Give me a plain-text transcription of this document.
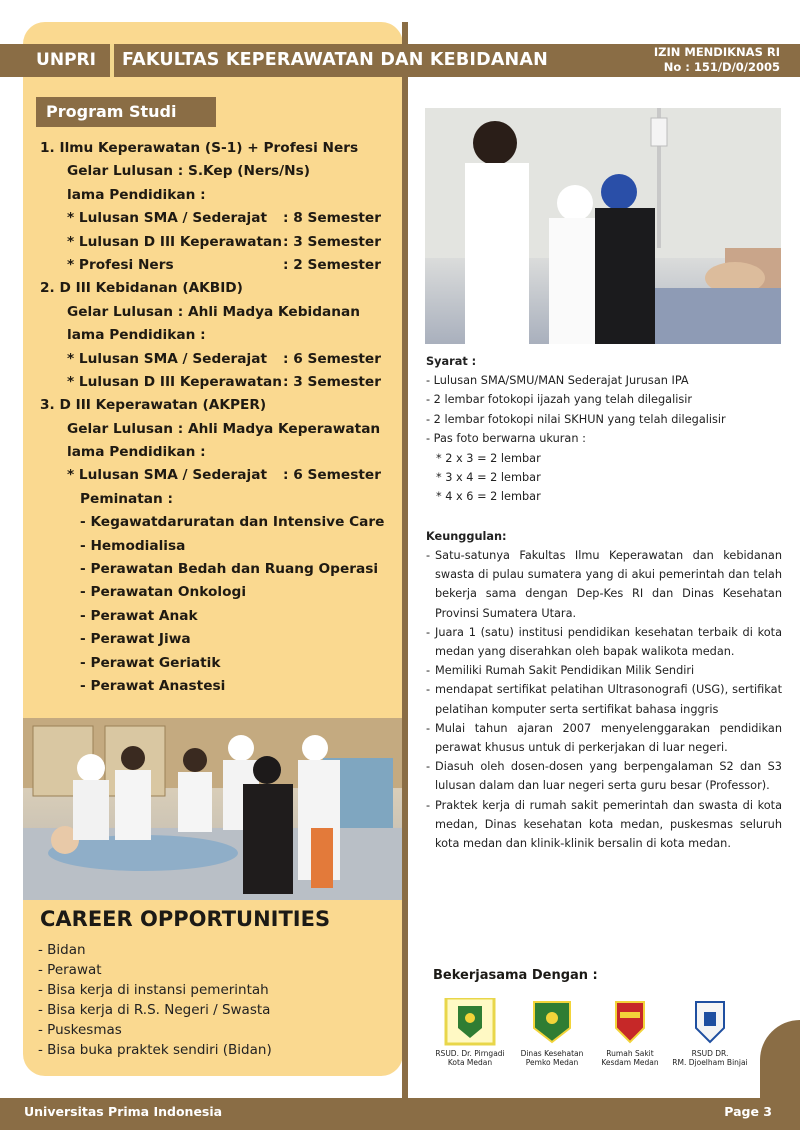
UNPRI	FAKULTAS KEPERAWATAN DAN KEBIDANAN	IZIN MENDIKNAS RI
No : 151/D/0/2005
Program Studi
1. Ilmu Keperawatan (S-1) + Profesi Ners
Gelar Lulusan : S.Kep (Ners/Ns)
lama Pendidikan :
* Lulusan SMA / Sederajat : 8 Semester
* Lulusan D III Keperawatan : 3 Semester
* Profesi Ners	: 2 Semester
2. D III Kebidanan (AKBID)
Gelar Lulusan : Ahli Madya Kebidanan
lama Pendidikan :
* Lulusan SMA / Sederajat : 6 Semester
* Lulusan D III Keperawatan : 3 Semester
3. D III Keperawatan (AKPER)
Gelar Lulusan : Ahli Madya Keperawatan
lama Pendidikan :
* Lulusan SMA / Sederajat : 6 Semester
Peminatan :
- Kegawatdaruratan dan Intensive Care
- Hemodialisa
- Perawatan Bedah dan Ruang Operasi
- Perawatan Onkologi
- Perawat Anak
- Perawat Jiwa
- Perawat Geriatik
- Perawat Anastesi
CAREER OPPORTUNITIES
- Bidan
- Perawat
- Bisa kerja di instansi pemerintah
- Bisa kerja di R.S. Negeri / Swasta
- Puskesmas
- Bisa buka praktek sendiri (Bidan)
Syarat :
- Lulusan SMA/SMU/MAN Sederajat Jurusan IPA
- 2 lembar fotokopi ijazah yang telah dilegalisir
- 2 lembar fotokopi nilai SKHUN yang telah dilegalisir
- Pas foto berwarna ukuran :
* 2 x 3 = 2 lembar
* 3 x 4 = 2 lembar
* 4 x 6 = 2 lembar
Keunggulan:
- Satu-satunya Fakultas Ilmu Keperawatan dan kebidanan swasta di pulau sumatera yang di akui pemerintah dan telah bekerja sama dengan Dep-Kes RI dan Dinas Kesehatan Provinsi Sumatera Utara.
- Juara 1 (satu) institusi pendidikan kesehatan terbaik di kota medan yang diserahkan oleh bapak walikota medan.
- Memiliki Rumah Sakit Pendidikan Milik Sendiri
- mendapat sertifikat pelatihan Ultrasonografi (USG), sertifikat pelatihan komputer serta sertifikat bahasa inggris
- Mulai tahun ajaran 2007 menyelenggarakan pendidikan perawat khusus untuk di perkerjakan di luar negeri.
- Diasuh oleh dosen-dosen yang berpengalaman S2 dan S3 lulusan dalam dan luar negeri serta guru besar (Professor).
- Praktek kerja di rumah sakit pemerintah dan swasta di kota medan, Dinas kesehatan kota medan, puskesmas seluruh kota medan dan klinik-klinik bersalin di kota medan.
Bekerjasama Dengan :
RSUD. Dr. Pirngadi
Kota Medan
Dinas Kesehatan
Pemko Medan
Rumah Sakit
Kesdam Medan
RSUD DR.
RM. Djoelham Binjai
Universitas Prima Indonesia	Page 3
